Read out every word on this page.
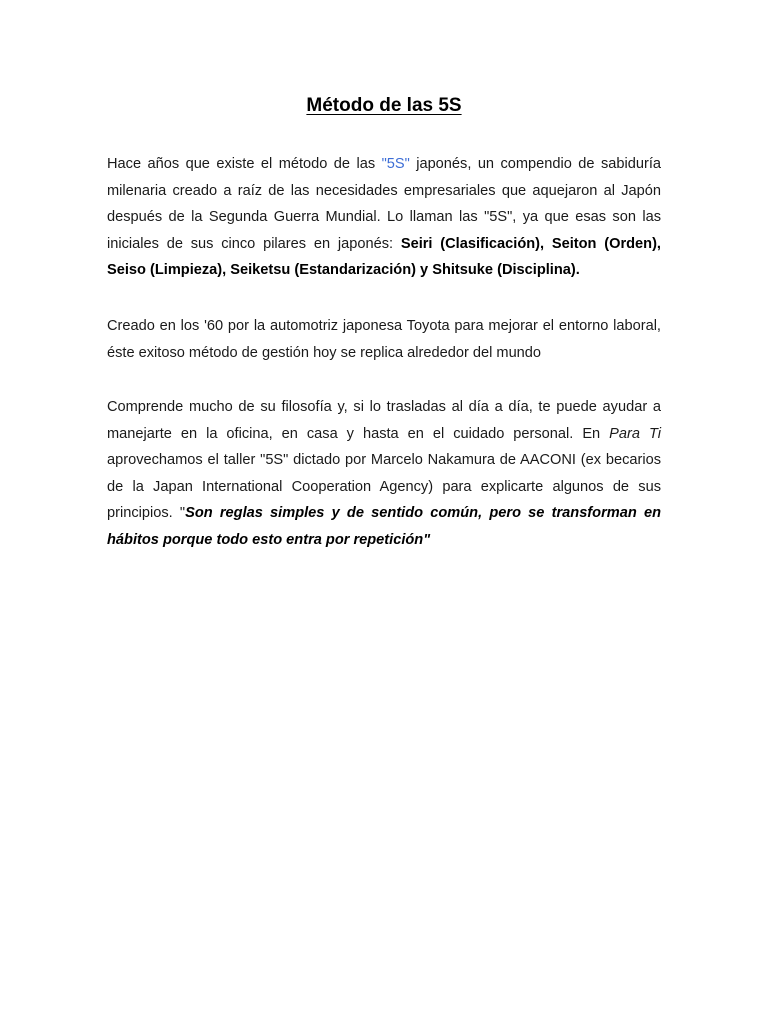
Método de las 5S

Hace años que existe el método de las "5S" japonés, un compendio de sabiduría milenaria creado a raíz de las necesidades empresariales que aquejaron al Japón después de la Segunda Guerra Mundial. Lo llaman las "5S", ya que esas son las iniciales de sus cinco pilares en japonés: Seiri (Clasificación), Seiton (Orden), Seiso (Limpieza), Seiketsu (Estandarización) y Shitsuke (Disciplina).

Creado en los '60 por la automotriz japonesa Toyota para mejorar el entorno laboral, éste exitoso método de gestión hoy se replica alrededor del mundo

Comprende mucho de su filosofía y, si lo trasladas al día a día, te puede ayudar a manejarte en la oficina, en casa y hasta en el cuidado personal. En Para Ti aprovechamos el taller "5S" dictado por Marcelo Nakamura de AACONI (ex becarios de la Japan International Cooperation Agency) para explicarte algunos de sus principios. "Son reglas simples y de sentido común, pero se transforman en hábitos porque todo esto entra por repetición"
